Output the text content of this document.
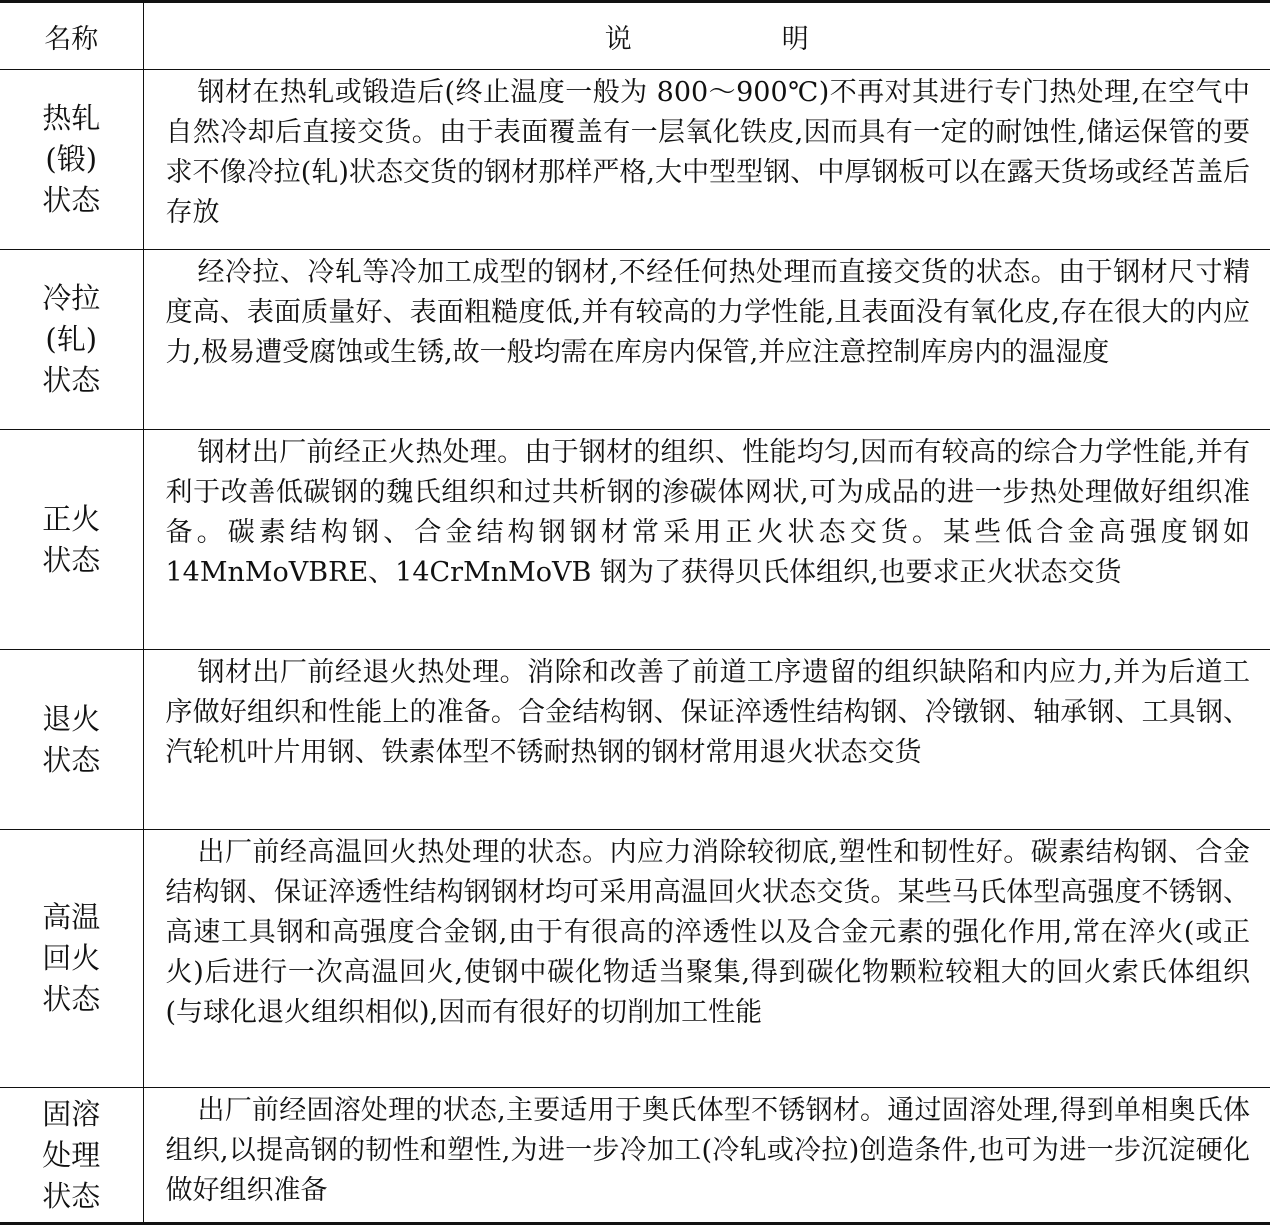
名称	说明

热轧
(锻)
状态	钢材在热轧或锻造后(终止温度一般为 800～900℃)不再对其进行专门热处理,在空气中自然冷却后直接交货。由于表面覆盖有一层氧化铁皮,因而具有一定的耐蚀性,储运保管的要求不像冷拉(轧)状态交货的钢材那样严格,大中型型钢、中厚钢板可以在露天货场或经苫盖后存放

冷拉
(轧)
状态	经冷拉、冷轧等冷加工成型的钢材,不经任何热处理而直接交货的状态。由于钢材尺寸精度高、表面质量好、表面粗糙度低,并有较高的力学性能,且表面没有氧化皮,存在很大的内应力,极易遭受腐蚀或生锈,故一般均需在库房内保管,并应注意控制库房内的温湿度

正火
状态	钢材出厂前经正火热处理。由于钢材的组织、性能均匀,因而有较高的综合力学性能,并有利于改善低碳钢的魏氏组织和过共析钢的渗碳体网状,可为成品的进一步热处理做好组织准备。碳素结构钢、合金结构钢钢材常采用正火状态交货。某些低合金高强度钢如 14MnMoVBRE、14CrMnMoVB 钢为了获得贝氏体组织,也要求正火状态交货

退火
状态	钢材出厂前经退火热处理。消除和改善了前道工序遗留的组织缺陷和内应力,并为后道工序做好组织和性能上的准备。合金结构钢、保证淬透性结构钢、冷镦钢、轴承钢、工具钢、汽轮机叶片用钢、铁素体型不锈耐热钢的钢材常用退火状态交货

高温
回火
状态	出厂前经高温回火热处理的状态。内应力消除较彻底,塑性和韧性好。碳素结构钢、合金结构钢、保证淬透性结构钢钢材均可采用高温回火状态交货。某些马氏体型高强度不锈钢、高速工具钢和高强度合金钢,由于有很高的淬透性以及合金元素的强化作用,常在淬火(或正火)后进行一次高温回火,使钢中碳化物适当聚集,得到碳化物颗粒较粗大的回火索氏体组织(与球化退火组织相似),因而有很好的切削加工性能

固溶
处理
状态	出厂前经固溶处理的状态,主要适用于奥氏体型不锈钢材。通过固溶处理,得到单相奥氏体组织,以提高钢的韧性和塑性,为进一步冷加工(冷轧或冷拉)创造条件,也可为进一步沉淀硬化做好组织准备
